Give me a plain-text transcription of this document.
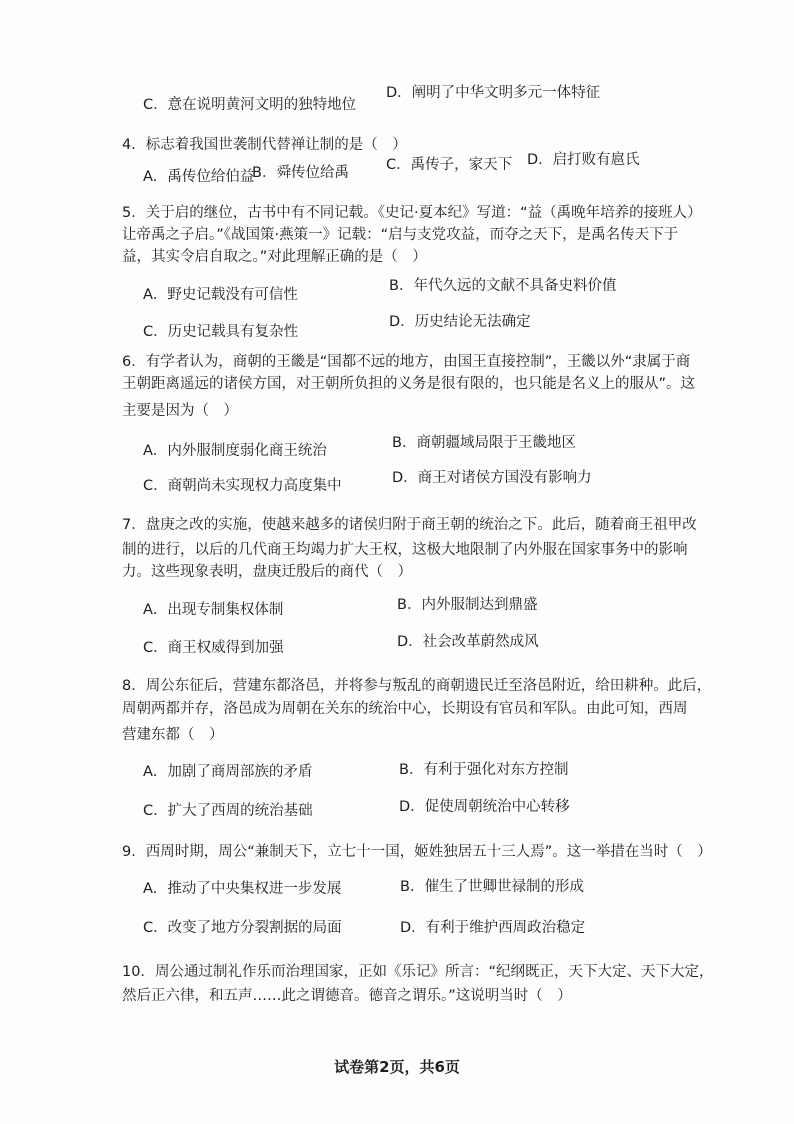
C．意在说明黄河文明的独特地位
D．阐明了中华文明多元一体特征
4．标志着我国世袭制代替禅让制的是（　）
A．禹传位给伯益
B．舜传位给禹	C．禹传子，家天下 D．启打败有扈氏
5．关于启的继位，古书中有不同记载。《史记·夏本纪》写道：“益（禹晚年培养的接班人）
让帝禹之子启。”《战国策·燕策一》记载：“启与支党攻益，而夺之天下，是禹名传天下于
益，其实令启自取之。”对此理解正确的是（　）
A．野史记载没有可信性
B．年代久远的文献不具备史料价值
C．历史记载具有复杂性
D．历史结论无法确定
6．有学者认为，商朝的王畿是“国都不远的地方，由国王直接控制”，王畿以外“隶属于商
王朝距离遥远的诸侯方国，对王朝所负担的义务是很有限的，也只能是名义上的服从”。这
主要是因为（　）
A．内外服制度弱化商王统治	B．商朝疆域局限于王畿地区
C．商朝尚未实现权力高度集中	D．商王对诸侯方国没有影响力
7．盘庚之改的实施，使越来越多的诸侯归附于商王朝的统治之下。此后，随着商王祖甲改
制的进行，以后的几代商王均竭力扩大王权，这极大地限制了内外服在国家事务中的影响
力。这些现象表明，盘庚迁殷后的商代（　）
A．出现专制集权体制	B．内外服制达到鼎盛
C．商王权威得到加强	D．社会改革蔚然成风
8．周公东征后，营建东都洛邑，并将参与叛乱的商朝遗民迁至洛邑附近，给田耕种。此后，
周朝两都并存，洛邑成为周朝在关东的统治中心，长期设有官员和军队。由此可知，西周
营建东都（　）
A．加剧了商周部族的矛盾	B．有利于强化对东方控制
C．扩大了西周的统治基础	D．促使周朝统治中心转移
9．西周时期，周公“兼制天下，立七十一国，姬姓独居五十三人焉”。这一举措在当时（　）
A．推动了中央集权进一步发展	B．催生了世卿世禄制的形成
C．改变了地方分裂割据的局面	D．有利于维护西周政治稳定
10．周公通过制礼作乐而治理国家，正如《乐记》所言：“纪纲既正，天下大定、天下大定，
然后正六律，和五声……此之谓德音。德音之谓乐。”这说明当时（　）
试卷第2页，共6页
